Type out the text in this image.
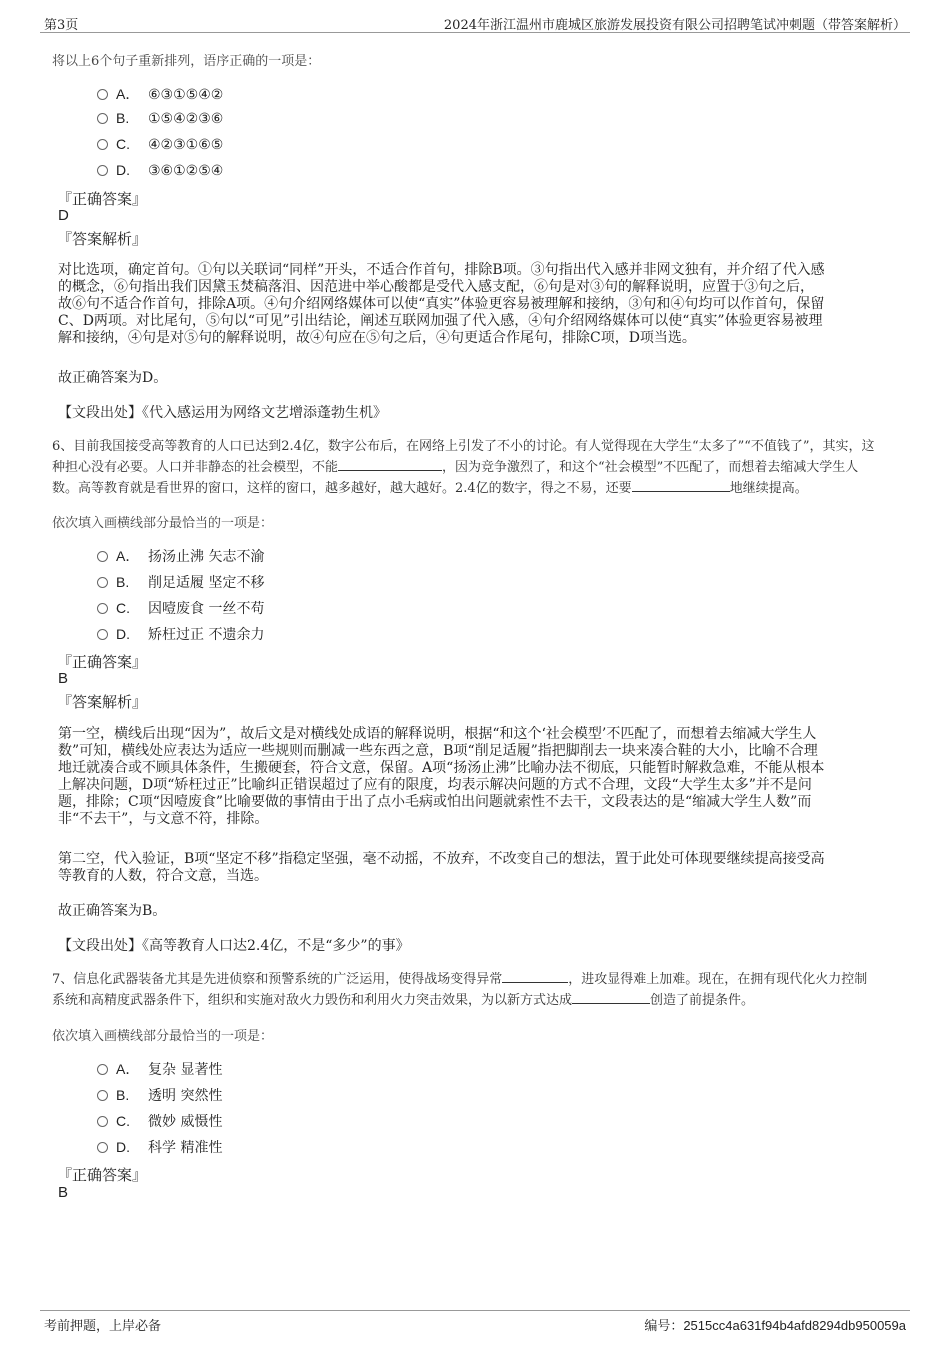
第3页	2024年浙江温州市鹿城区旅游发展投资有限公司招聘笔试冲刺题（带答案解析）
将以上6个句子重新排列，语序正确的一项是：
A． ⑥③①⑤④②
B. ①⑤④②③⑥
C. ④②③①⑥⑤
D. ③⑥①②⑤④
『正确答案』
D
『答案解析』
对比选项，确定首句。①句以关联词“同样”开头，不适合作首句，排除B项。③句指出代入感并非网文独有，并介绍了代入感
的概念，⑥句指出我们因黛玉焚稿落泪、因范进中举心酸都是受代入感支配，⑥句是对③句的解释说明，应置于③句之后，
故⑥句不适合作首句，排除A项。④句介绍网络媒体可以使“真实”体验更容易被理解和接纳，③句和④句均可以作首句，保留
C、D两项。对比尾句，⑤句以“可见”引出结论，阐述互联网加强了代入感，④句介绍网络媒体可以使“真实”体验更容易被理
解和接纳，④句是对⑤句的解释说明，故④句应在⑤句之后，④句更适合作尾句，排除C项，D项当选。
故正确答案为D。
【文段出处】《代入感运用为网络文艺增添蓬勃生机》
6、目前我国接受高等教育的人口已达到2.4亿，数字公布后，在网络上引发了不小的讨论。有人觉得现在大学生“太多了”“不值钱了”，其实，这
种担心没有必要。人口并非静态的社会模型，不能	，因为竞争激烈了，和这个“社会模型”不匹配了，而想着去缩减大学生人
数。高等教育就是看世界的窗口，这样的窗口，越多越好，越大越好。2.4亿的数字，得之不易，还要	地继续提高。
依次填入画横线部分最恰当的一项是：
A． 扬汤止沸 矢志不渝
B. 削足适履 坚定不移
C. 因噎废食 一丝不苟
D. 矫枉过正 不遗余力
『正确答案』
B
『答案解析』
第一空，横线后出现“因为”，故后文是对横线处成语的解释说明，根据“和这个‘社会模型’不匹配了，而想着去缩减大学生人
数”可知，横线处应表达为适应一些规则而删减一些东西之意，B项“削足适履”指把脚削去一块来凑合鞋的大小，比喻不合理
地迁就凑合或不顾具体条件，生搬硬套，符合文意，保留。A项“扬汤止沸”比喻办法不彻底，只能暂时解救急难，不能从根本
上解决问题，D项“矫枉过正”比喻纠正错误超过了应有的限度，均表示解决问题的方式不合理，文段“大学生太多”并不是问
题，排除；C项“因噎废食”比喻要做的事情由于出了点小毛病或怕出问题就索性不去干，文段表达的是“缩减大学生人数”而
非“不去干”，与文意不符，排除。
第二空，代入验证，B项“坚定不移”指稳定坚强，毫不动摇，不放弃，不改变自己的想法，置于此处可体现要继续提高接受高
等教育的人数，符合文意，当选。
故正确答案为B。
【文段出处】《高等教育人口达2.4亿，不是“多少”的事》
7、信息化武器装备尤其是先进侦察和预警系统的广泛运用，使得战场变得异常	，进攻显得难上加难。现在，在拥有现代化火力控制
系统和高精度武器条件下，组织和实施对敌火力毁伤和利用火力突击效果，为以新方式达成	创造了前提条件。
依次填入画横线部分最恰当的一项是：
A． 复杂 显著性
B. 透明 突然性
C. 微妙 威慑性
D. 科学 精准性
『正确答案』
B
考前押题，上岸必备	编号：2515cc4a631f94b4afd8294db950059a
